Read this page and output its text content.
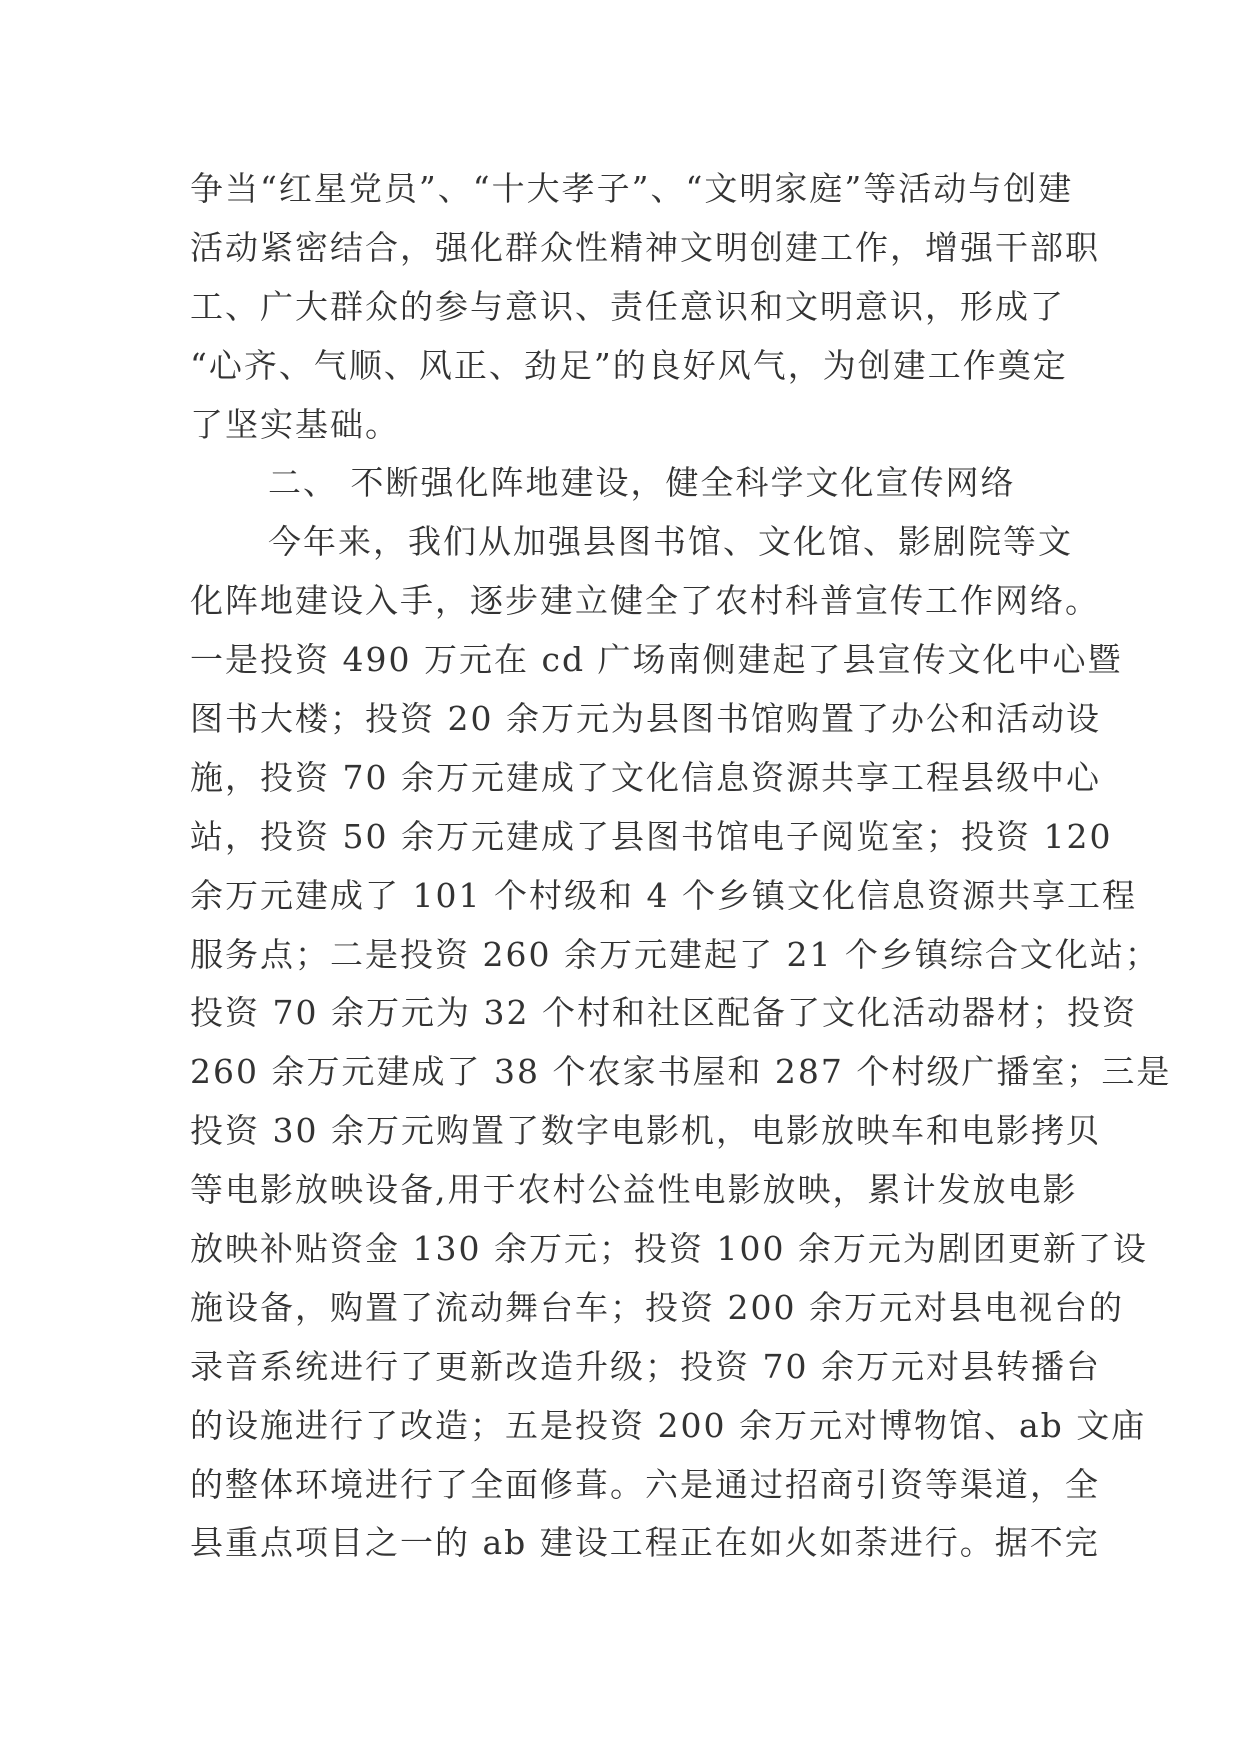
争当“红星党员”、“十大孝子”、“文明家庭”等活动与创建
活动紧密结合，强化群众性精神文明创建工作，增强干部职
工、广大群众的参与意识、责任意识和文明意识，形成了
“心齐、气顺、风正、劲足”的良好风气，为创建工作奠定
了坚实基础。
二、 不断强化阵地建设，健全科学文化宣传网络
今年来，我们从加强县图书馆、文化馆、影剧院等文
化阵地建设入手，逐步建立健全了农村科普宣传工作网络。
一是投资 490 万元在 cd 广场南侧建起了县宣传文化中心暨
图书大楼；投资 20 余万元为县图书馆购置了办公和活动设
施，投资 70 余万元建成了文化信息资源共享工程县级中心
站，投资 50 余万元建成了县图书馆电子阅览室；投资 120
余万元建成了 101 个村级和 4 个乡镇文化信息资源共享工程
服务点；二是投资 260 余万元建起了 21 个乡镇综合文化站；
投资 70 余万元为 32 个村和社区配备了文化活动器材；投资
260 余万元建成了 38 个农家书屋和 287 个村级广播室；三是
投资 30 余万元购置了数字电影机，电影放映车和电影拷贝
等电影放映设备,用于农村公益性电影放映，累计发放电影
放映补贴资金 130 余万元；投资 100 余万元为剧团更新了设
施设备，购置了流动舞台车；投资 200 余万元对县电视台的
录音系统进行了更新改造升级；投资 70 余万元对县转播台
的设施进行了改造；五是投资 200 余万元对博物馆、ab 文庙
的整体环境进行了全面修葺。六是通过招商引资等渠道，全
县重点项目之一的 ab 建设工程正在如火如荼进行。据不完
